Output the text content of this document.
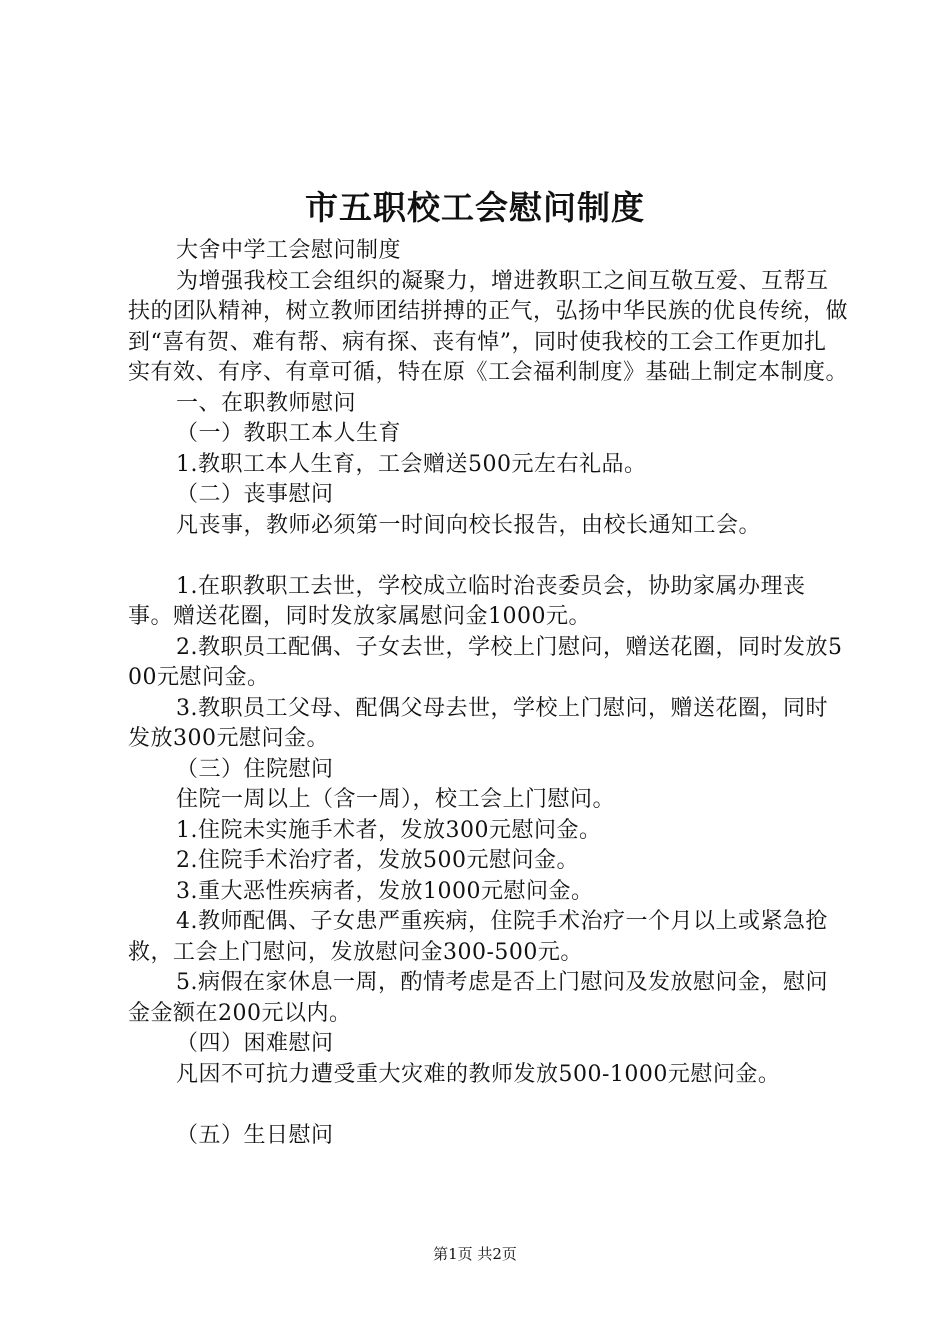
市五职校工会慰问制度

大舍中学工会慰问制度

为增强我校工会组织的凝聚力，增进教职工之间互敬互爱、互帮互扶的团队精神，树立教师团结拼搏的正气，弘扬中华民族的优良传统，做到“喜有贺、难有帮、病有探、丧有悼”，同时使我校的工会工作更加扎实有效、有序、有章可循，特在原《工会福利制度》基础上制定本制度。

一、在职教师慰问

（一）教职工本人生育

1.教职工本人生育，工会赠送500元左右礼品。

（二）丧事慰问

凡丧事，教师必须第一时间向校长报告，由校长通知工会。

1.在职教职工去世，学校成立临时治丧委员会，协助家属办理丧事。赠送花圈，同时发放家属慰问金1000元。

2.教职员工配偶、子女去世，学校上门慰问，赠送花圈，同时发放500元慰问金。

3.教职员工父母、配偶父母去世，学校上门慰问，赠送花圈，同时发放300元慰问金。

（三）住院慰问

住院一周以上（含一周），校工会上门慰问。

1.住院未实施手术者，发放300元慰问金。

2.住院手术治疗者，发放500元慰问金。

3.重大恶性疾病者，发放1000元慰问金。

4.教师配偶、子女患严重疾病，住院手术治疗一个月以上或紧急抢救，工会上门慰问，发放慰问金300-500元。

5.病假在家休息一周，酌情考虑是否上门慰问及发放慰问金，慰问金金额在200元以内。

（四）困难慰问

凡因不可抗力遭受重大灾难的教师发放500-1000元慰问金。

（五）生日慰问

第1页 共2页
